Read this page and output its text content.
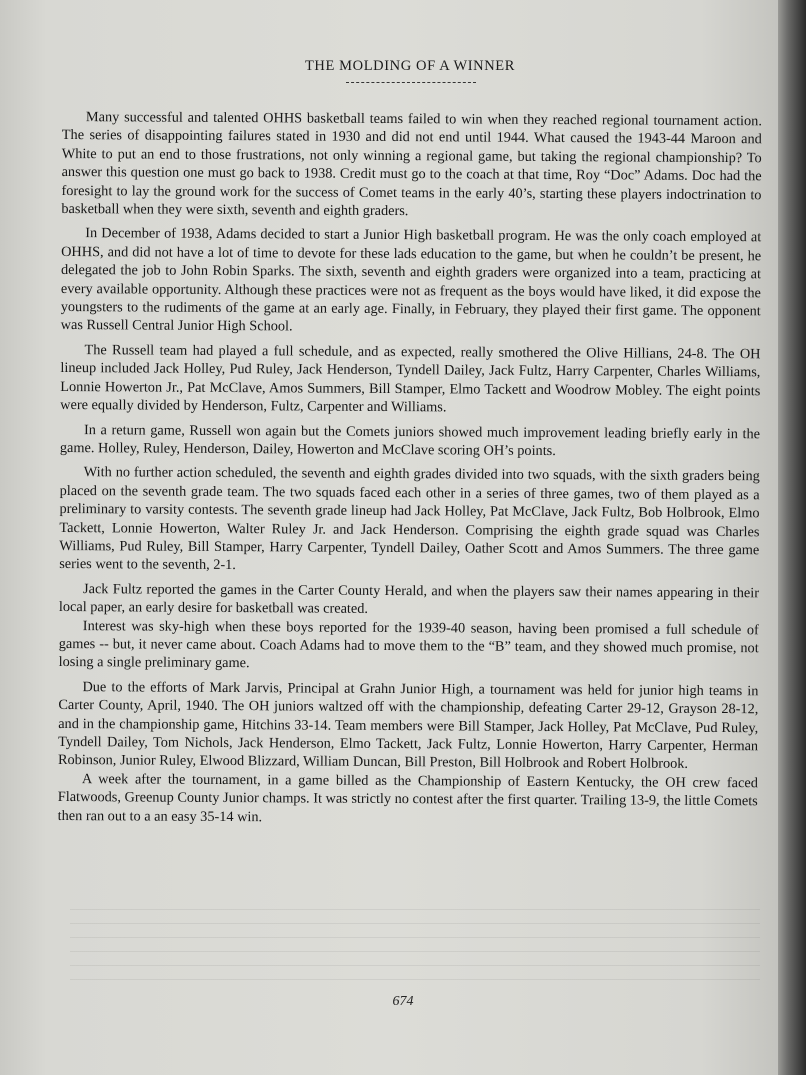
THE MOLDING OF A WINNER

Many successful and talented OHHS basketball teams failed to win when they reached regional tournament action. The series of disappointing failures stated in 1930 and did not end until 1944. What caused the 1943-44 Maroon and White to put an end to those frustrations, not only winning a regional game, but taking the regional championship? To answer this question one must go back to 1938. Credit must go to the coach at that time, Roy “Doc” Adams. Doc had the foresight to lay the ground work for the success of Comet teams in the early 40’s, starting these players indoctrination to basketball when they were sixth, seventh and eighth graders.

In December of 1938, Adams decided to start a Junior High basketball program. He was the only coach employed at OHHS, and did not have a lot of time to devote for these lads education to the game, but when he couldn’t be present, he delegated the job to John Robin Sparks. The sixth, seventh and eighth graders were organized into a team, practicing at every available opportunity. Although these practices were not as frequent as the boys would have liked, it did expose the youngsters to the rudiments of the game at an early age. Finally, in February, they played their first game. The opponent was Russell Central Junior High School.

The Russell team had played a full schedule, and as expected, really smothered the Olive Hillians, 24-8. The OH lineup included Jack Holley, Pud Ruley, Jack Henderson, Tyndell Dailey, Jack Fultz, Harry Carpenter, Charles Williams, Lonnie Howerton Jr., Pat McClave, Amos Summers, Bill Stamper, Elmo Tackett and Woodrow Mobley. The eight points were equally divided by Henderson, Fultz, Carpenter and Williams.

In a return game, Russell won again but the Comets juniors showed much improvement leading briefly early in the game. Holley, Ruley, Henderson, Dailey, Howerton and McClave scoring OH’s points.

With no further action scheduled, the seventh and eighth grades divided into two squads, with the sixth graders being placed on the seventh grade team. The two squads faced each other in a series of three games, two of them played as a preliminary to varsity contests. The seventh grade lineup had Jack Holley, Pat McClave, Jack Fultz, Bob Holbrook, Elmo Tackett, Lonnie Howerton, Walter Ruley Jr. and Jack Henderson. Comprising the eighth grade squad was Charles Williams, Pud Ruley, Bill Stamper, Harry Carpenter, Tyndell Dailey, Oather Scott and Amos Summers. The three game series went to the seventh, 2-1.

Jack Fultz reported the games in the Carter County Herald, and when the players saw their names appearing in their local paper, an early desire for basketball was created.

Interest was sky-high when these boys reported for the 1939-40 season, having been promised a full schedule of games -- but, it never came about. Coach Adams had to move them to the “B” team, and they showed much promise, not losing a single preliminary game.

Due to the efforts of Mark Jarvis, Principal at Grahn Junior High, a tournament was held for junior high teams in Carter County, April, 1940. The OH juniors waltzed off with the championship, defeating Carter 29-12, Grayson 28-12, and in the championship game, Hitchins 33-14. Team members were Bill Stamper, Jack Holley, Pat McClave, Pud Ruley, Tyndell Dailey, Tom Nichols, Jack Henderson, Elmo Tackett, Jack Fultz, Lonnie Howerton, Harry Carpenter, Herman Robinson, Junior Ruley, Elwood Blizzard, William Duncan, Bill Preston, Bill Holbrook and Robert Holbrook.

A week after the tournament, in a game billed as the Championship of Eastern Kentucky, the OH crew faced Flatwoods, Greenup County Junior champs. It was strictly no contest after the first quarter. Trailing 13-9, the little Comets then ran out to a an easy 35-14 win.

674
